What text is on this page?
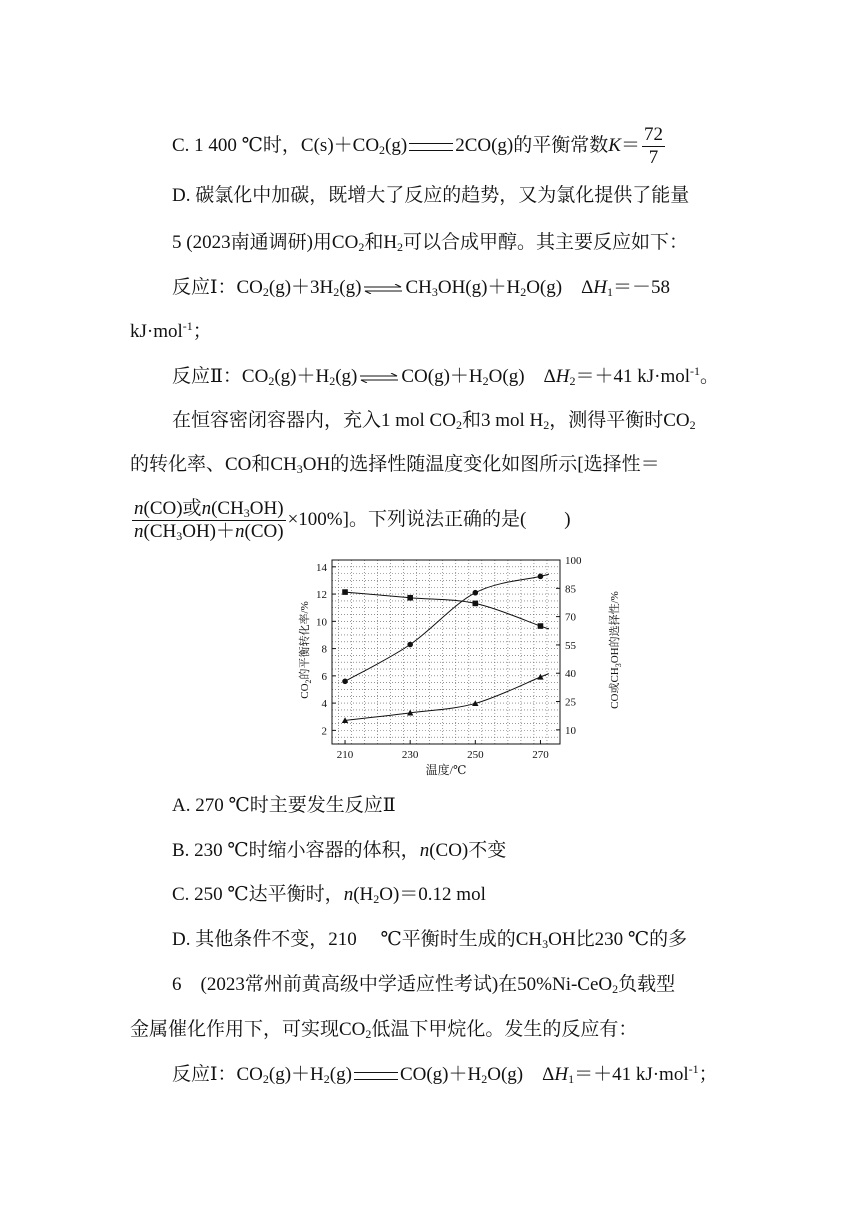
C. 1 400 ℃时，$C(s)+CO_2(g)$	2CO(g)的平衡常数$K= \frac{72}{7}$
D. 碳氯化中加碳，既增大了反应的趋势，又为氯化提供了能量
5 (2023南通调研)用$CO_2$和$H_2$可以合成甲醇。其主要反应如下：
反应Ⅰ：$CO_2(g)+3H_2(g)$ ⇌ $CH_3OH(g)+H_2O(g)$　$\Delta H_1=-58$
kJ·mol$^{-1}$；
反应Ⅱ：$CO_2(g)+H_2(g)$ ⇌ $CO(g)+H_2O(g)$　$\Delta H_2=+41$ kJ·mol$^{-1}$。
在恒容密闭容器内，充入1 mol $CO_2$和3 mol $H_2$，测得平衡时$CO_2$
的转化率、CO和$CH_3OH$的选择性随温度变化如图所示[选择性＝
$\frac{n(CO)或n(CH_3OH)}{n(CH_3OH)+n(CO)} \times 100\%$]。下列说法正确的是(　　)
2
4
6
8
10
12
14
10
25
40
55
70
85
100
210	230	250	270
温度/℃
$CO_2$的平衡转化率/%
CO或$CH_3OH$的选择性/%
A. 270 ℃时主要发生反应Ⅱ
B. 230 ℃时缩小容器的体积，n(CO)不变
C. 250 ℃达平衡时，$n(H_2O)=0.12$ mol
D. 其他条件不变，210　 ℃平衡时生成的$CH_3OH$比230 ℃的多
6　(2023常州前黄高级中学适应性考试)在50%Ni-CeO$_2$负载型
金属催化作用下，可实现$CO_2$低温下甲烷化。发生的反应有：
反应Ⅰ：$CO_2(g)+H_2(g)$	$CO(g)+H_2O(g)$　$\Delta H_1=+41$ kJ·mol$^{-1}$；
